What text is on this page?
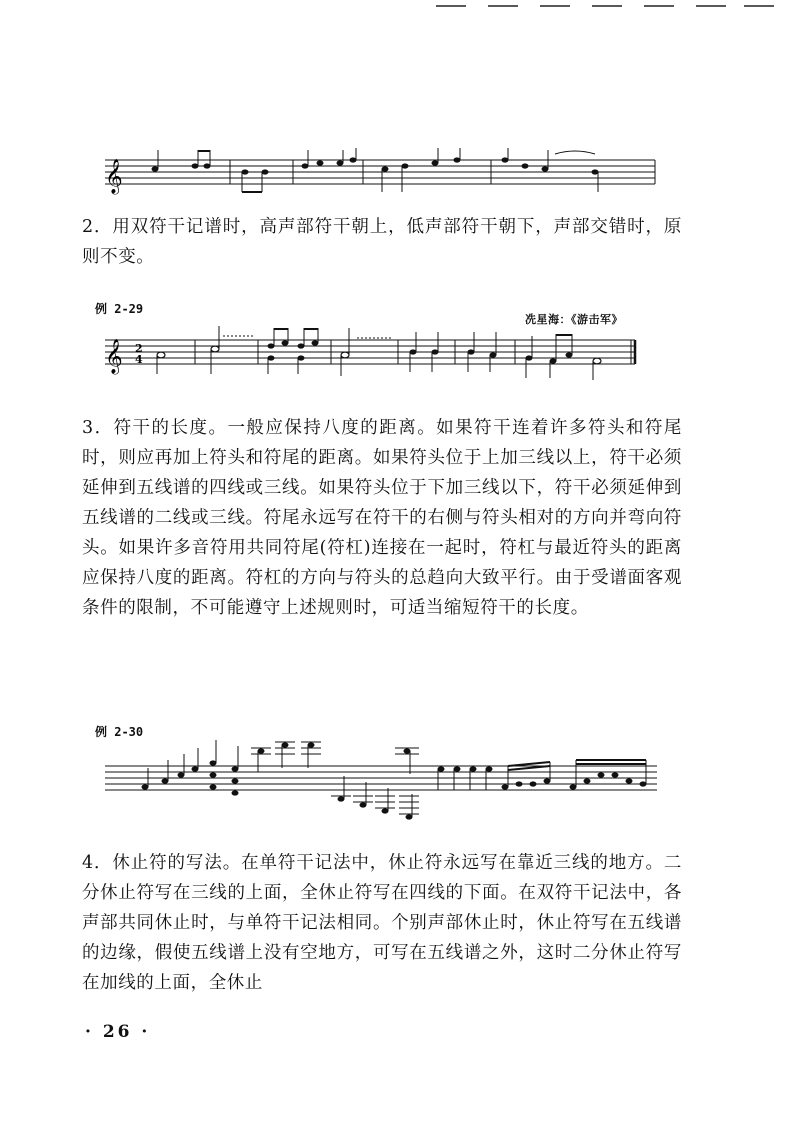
𝄞

2．用双符干记谱时，高声部符干朝上，低声部符干朝下，声部交错时，原则不变。

例 2-29
冼星海：《游击军》
𝄞 2
4

3．符干的长度。一般应保持八度的距离。如果符干连着许多符头和符尾时，则应再加上符头和符尾的距离。如果符头位于上加三线以上，符干必须延伸到五线谱的四线或三线。如果符头位于下加三线以下，符干必须延伸到五线谱的二线或三线。符尾永远写在符干的右侧与符头相对的方向并弯向符头。如果许多音符用共同符尾(符杠)连接在一起时，符杠与最近符头的距离应保持八度的距离。符杠的方向与符头的总趋向大致平行。由于受谱面客观条件的限制，不可能遵守上述规则时，可适当缩短符干的长度。

例 2-30

4．休止符的写法。在单符干记法中，休止符永远写在靠近三线的地方。二分休止符写在三线的上面，全休止符写在四线的下面。在双符干记法中，各声部共同休止时，与单符干记法相同。个别声部休止时，休止符写在五线谱的边缘，假使五线谱上没有空地方，可写在五线谱之外，这时二分休止符写在加线的上面，全休止

· 26 ·
